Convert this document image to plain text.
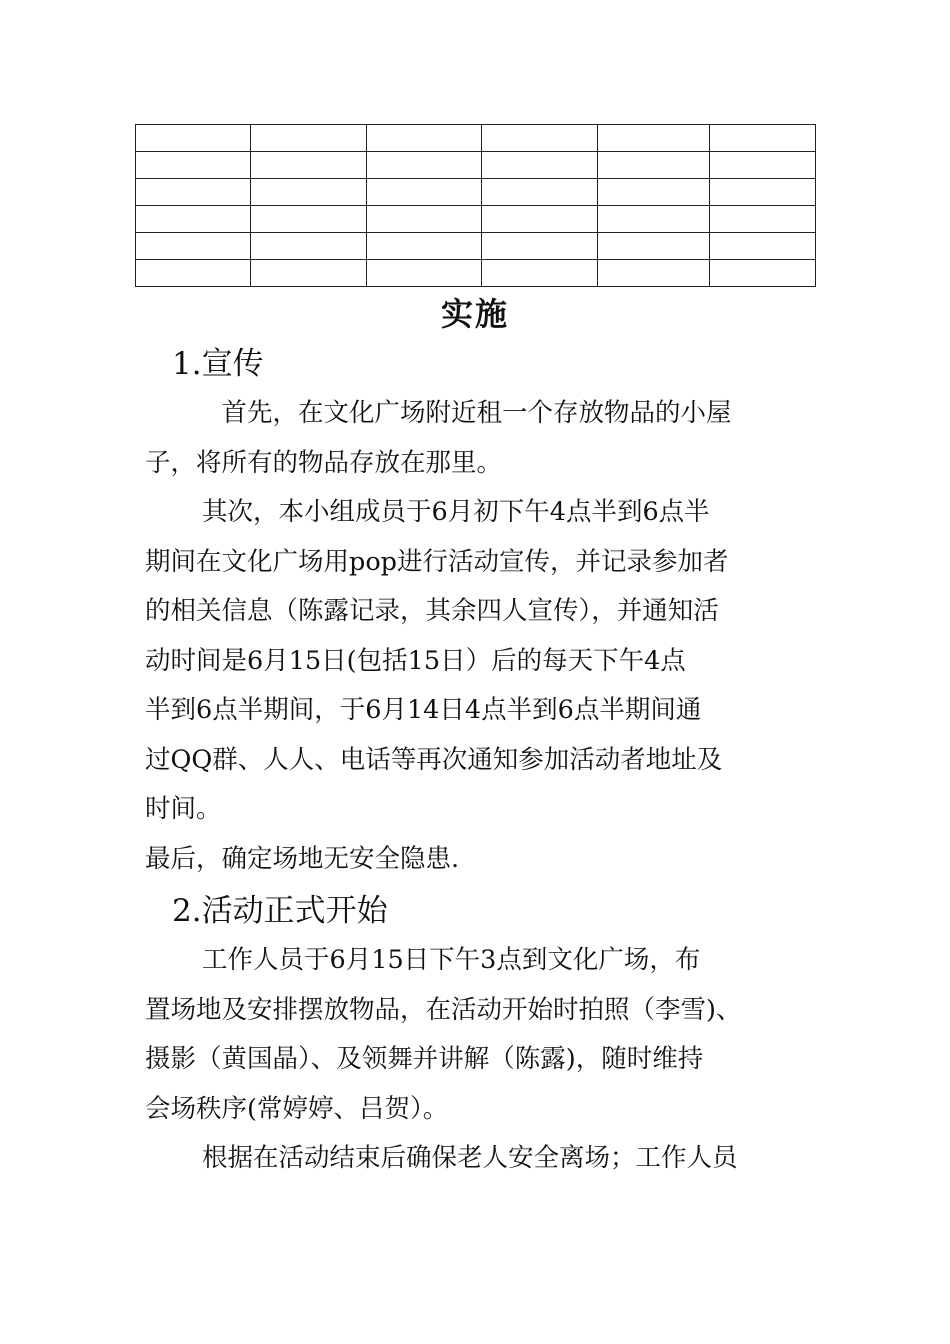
实施
1.宣传

　首先，在文化广场附近租一个存放物品的小屋
子，将所有的物品存放在那里。

其次，本小组成员于6月初下午4点半到6点半
期间在文化广场用pop进行活动宣传，并记录参加者
的相关信息（陈露记录，其余四人宣传），并通知活
动时间是6月15日(包括15日）后的每天下午4点
半到6点半期间，于6月14日4点半到6点半期间通
过QQ群、人人、电话等再次通知参加活动者地址及
时间。

最后，确定场地无安全隐患.

2.活动正式开始

工作人员于6月15日下午3点到文化广场，布
置场地及安排摆放物品，在活动开始时拍照（李雪)、
摄影（黄国晶）、及领舞并讲解（陈露)，随时维持
会场秩序(常婷婷、吕贺）。

根据在活动结束后确保老人安全离场；工作人员
